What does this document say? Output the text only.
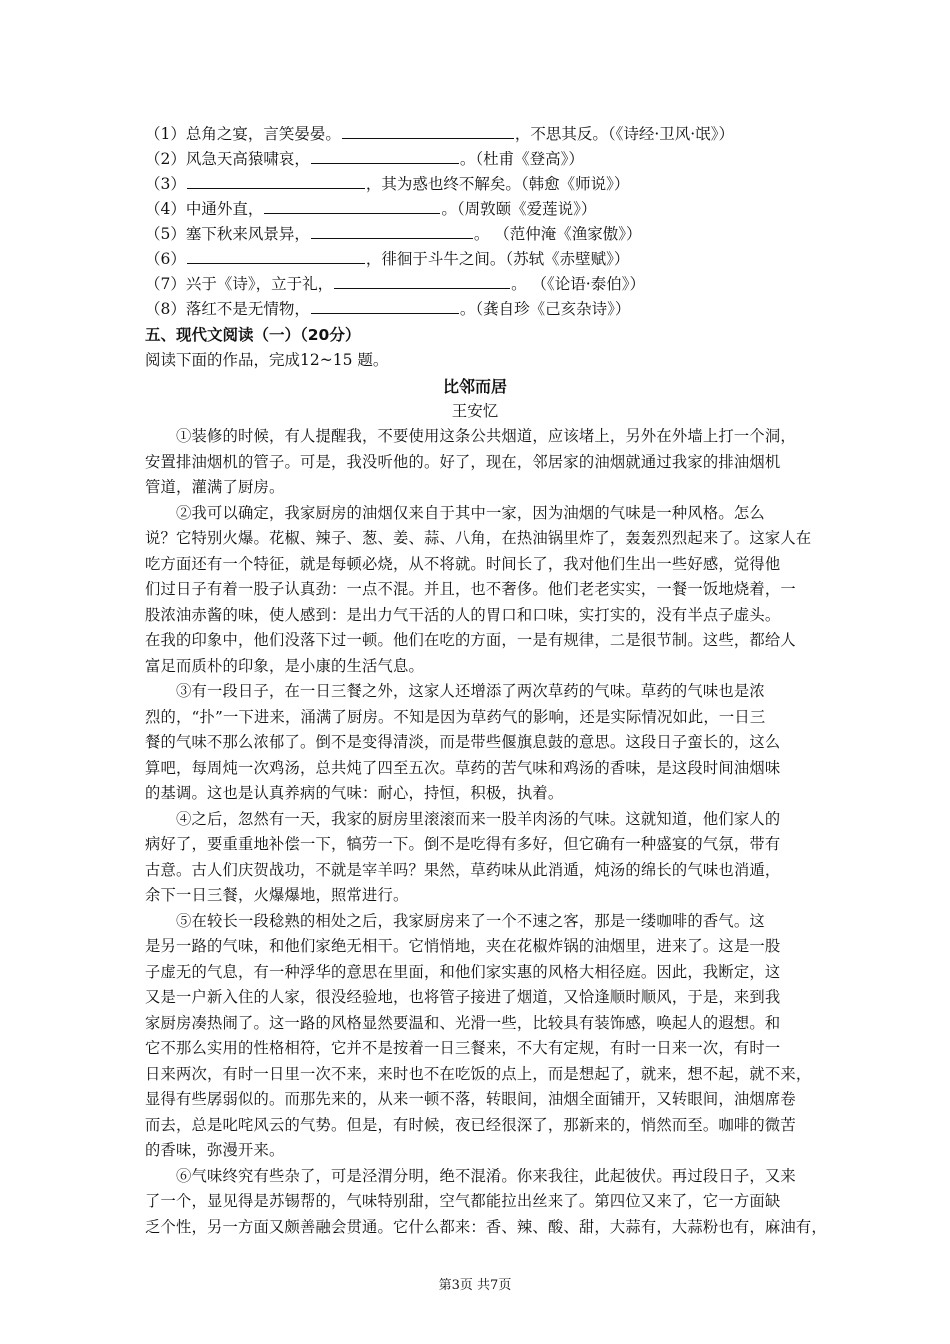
（1）总角之宴，言笑晏晏。	，不思其反。（《诗经·卫风·氓》）
（2）风急天高猿啸哀，	。（杜甫《登高》）
（3）	，其为惑也终不解矣。（韩愈《师说》）
（4）中通外直，	。（周敦颐《爱莲说》）
（5）塞下秋来风景异，	。 （范仲淹《渔家傲》）
（6）	，徘徊于斗牛之间。（苏轼《赤壁赋》）
（7）兴于《诗》，立于礼，	。 （《论语·泰伯》）
（8）落红不是无情物，	。（龚自珍《己亥杂诗》）
五、现代文阅读（一）（20分）
阅读下面的作品，完成12~15 题。
比邻而居
王安忆
①装修的时候，有人提醒我，不要使用这条公共烟道，应该堵上，另外在外墙上打一个洞，
安置排油烟机的管子。可是，我没听他的。好了，现在，邻居家的油烟就通过我家的排油烟机
管道，灌满了厨房。
②我可以确定，我家厨房的油烟仅来自于其中一家，因为油烟的气味是一种风格。怎么
说？它特别火爆。花椒、辣子、葱、姜、蒜、八角，在热油锅里炸了，轰轰烈烈起来了。这家人在
吃方面还有一个特征，就是每顿必烧，从不将就。时间长了，我对他们生出一些好感，觉得他
们过日子有着一股子认真劲：一点不混。并且，也不奢侈。他们老老实实，一餐一饭地烧着，一
股浓油赤酱的味，使人感到：是出力气干活的人的胃口和口味，实打实的，没有半点子虚头。
在我的印象中，他们没落下过一顿。他们在吃的方面，一是有规律，二是很节制。这些，都给人
富足而质朴的印象，是小康的生活气息。
③有一段日子，在一日三餐之外，这家人还增添了两次草药的气味。草药的气味也是浓
烈的，“扑”一下进来，涌满了厨房。不知是因为草药气的影响，还是实际情况如此，一日三
餐的气味不那么浓郁了。倒不是变得清淡，而是带些偃旗息鼓的意思。这段日子蛮长的，这么
算吧，每周炖一次鸡汤，总共炖了四至五次。草药的苦气味和鸡汤的香味，是这段时间油烟味
的基调。这也是认真养病的气味：耐心，持恒，积极，执着。
④之后，忽然有一天，我家的厨房里滚滚而来一股羊肉汤的气味。这就知道，他们家人的
病好了，要重重地补偿一下，犒劳一下。倒不是吃得有多好，但它确有一种盛宴的气氛，带有
古意。古人们庆贺战功，不就是宰羊吗？果然，草药味从此消遁，炖汤的绵长的气味也消遁，
余下一日三餐，火爆爆地，照常进行。
⑤在较长一段稔熟的相处之后，我家厨房来了一个不速之客，那是一缕咖啡的香气。这
是另一路的气味，和他们家绝无相干。它悄悄地，夹在花椒炸锅的油烟里，进来了。这是一股
子虚无的气息，有一种浮华的意思在里面，和他们家实惠的风格大相径庭。因此，我断定，这
又是一户新入住的人家，很没经验地，也将管子接进了烟道，又恰逢顺时顺风，于是，来到我
家厨房凑热闹了。这一路的风格显然要温和、光滑一些，比较具有装饰感，唤起人的遐想。和
它不那么实用的性格相符，它并不是按着一日三餐来，不大有定规，有时一日来一次，有时一
日来两次，有时一日里一次不来，来时也不在吃饭的点上，而是想起了，就来，想不起，就不来，
显得有些孱弱似的。而那先来的，从来一顿不落，转眼间，油烟全面铺开，又转眼间，油烟席卷
而去，总是叱咤风云的气势。但是，有时候，夜已经很深了，那新来的，悄然而至。咖啡的微苦
的香味，弥漫开来。
⑥气味终究有些杂了，可是泾渭分明，绝不混淆。你来我往，此起彼伏。再过段日子，又来
了一个，显见得是苏锡帮的，气味特别甜，空气都能拉出丝来了。第四位又来了，它一方面缺
乏个性，另一方面又颇善融会贯通。它什么都来：香、辣、酸、甜，大蒜有，大蒜粉也有，麻油有，
第3页 共7页
